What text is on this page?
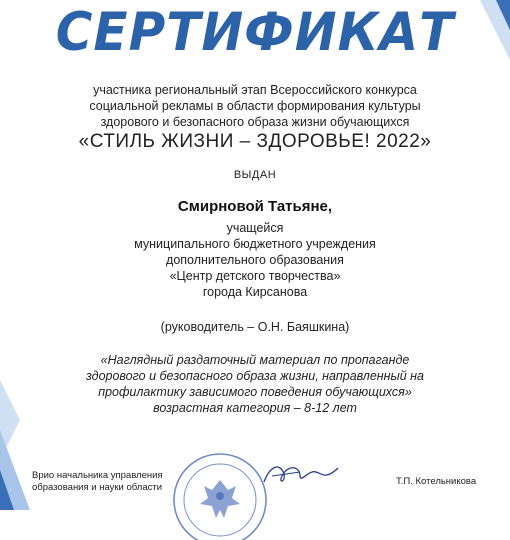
СЕРТИФИКАТ
участника региональный этап Всероссийского конкурса
социальной рекламы в области формирования культуры
здорового и безопасного образа жизни обучающихся
«СТИЛЬ ЖИЗНИ – ЗДОРОВЬЕ! 2022»
ВЫДАН
Смирновой Татьяне,
учащейся
муниципального бюджетного учреждения
дополнительного образования
«Центр детского творчества»
города Кирсанова
(руководитель – О.Н. Баяшкина)
«Наглядный раздаточный материал по пропаганде
здорового и безопасного образа жизни, направленный на
профилактику зависимого поведения обучающихся»
возрастная категория – 8-12 лет
Врио начальника управления
образования и науки области
Т.П. Котельникова
